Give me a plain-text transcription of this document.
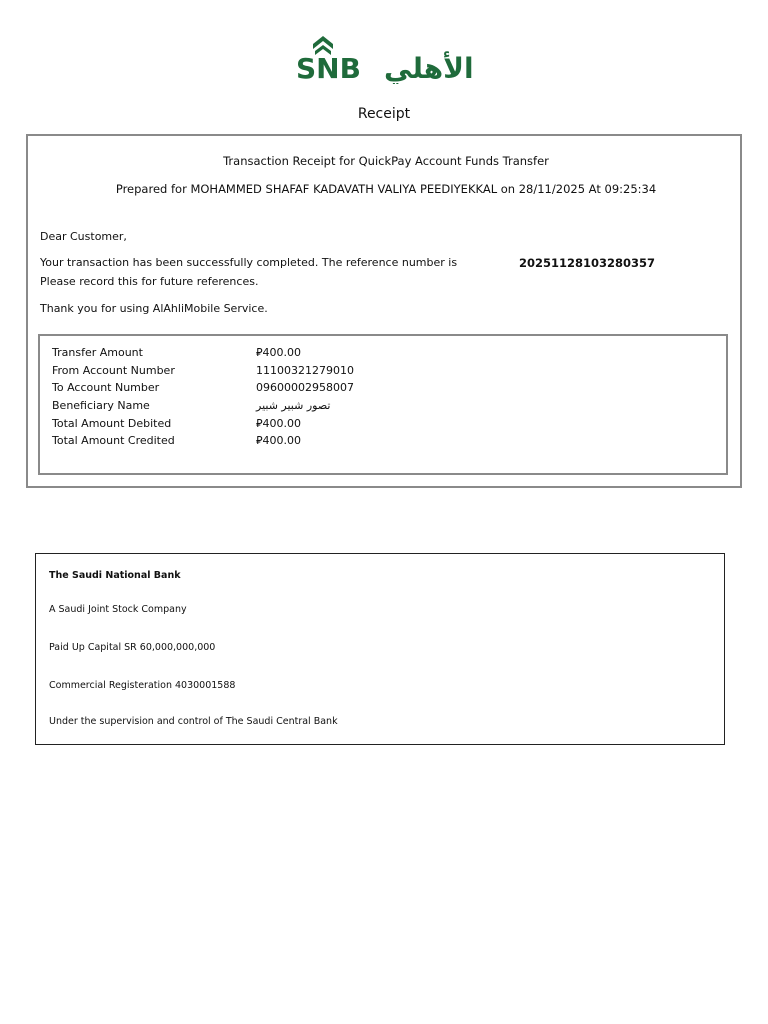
SNB الأهلي
Receipt
Transaction Receipt for QuickPay Account Funds Transfer
Prepared for MOHAMMED SHAFAF KADAVATH VALIYA PEEDIYEKKAL on 28/11/2025 At 09:25:34
Dear Customer,
Your transaction has been successfully completed. The reference number is	20251128103280357
Please record this for future references.
Thank you for using AlAhliMobile Service.
Transfer Amount	⃁400.00
From Account Number	11100321279010
To Account Number	09600002958007
Beneficiary Name	تصور شبير شبير
Total Amount Debited	⃁400.00
Total Amount Credited	⃁400.00
The Saudi National Bank
A Saudi Joint Stock Company
Paid Up Capital SR 60,000,000,000
Commercial Registeration 4030001588
Under the supervision and control of The Saudi Central Bank
